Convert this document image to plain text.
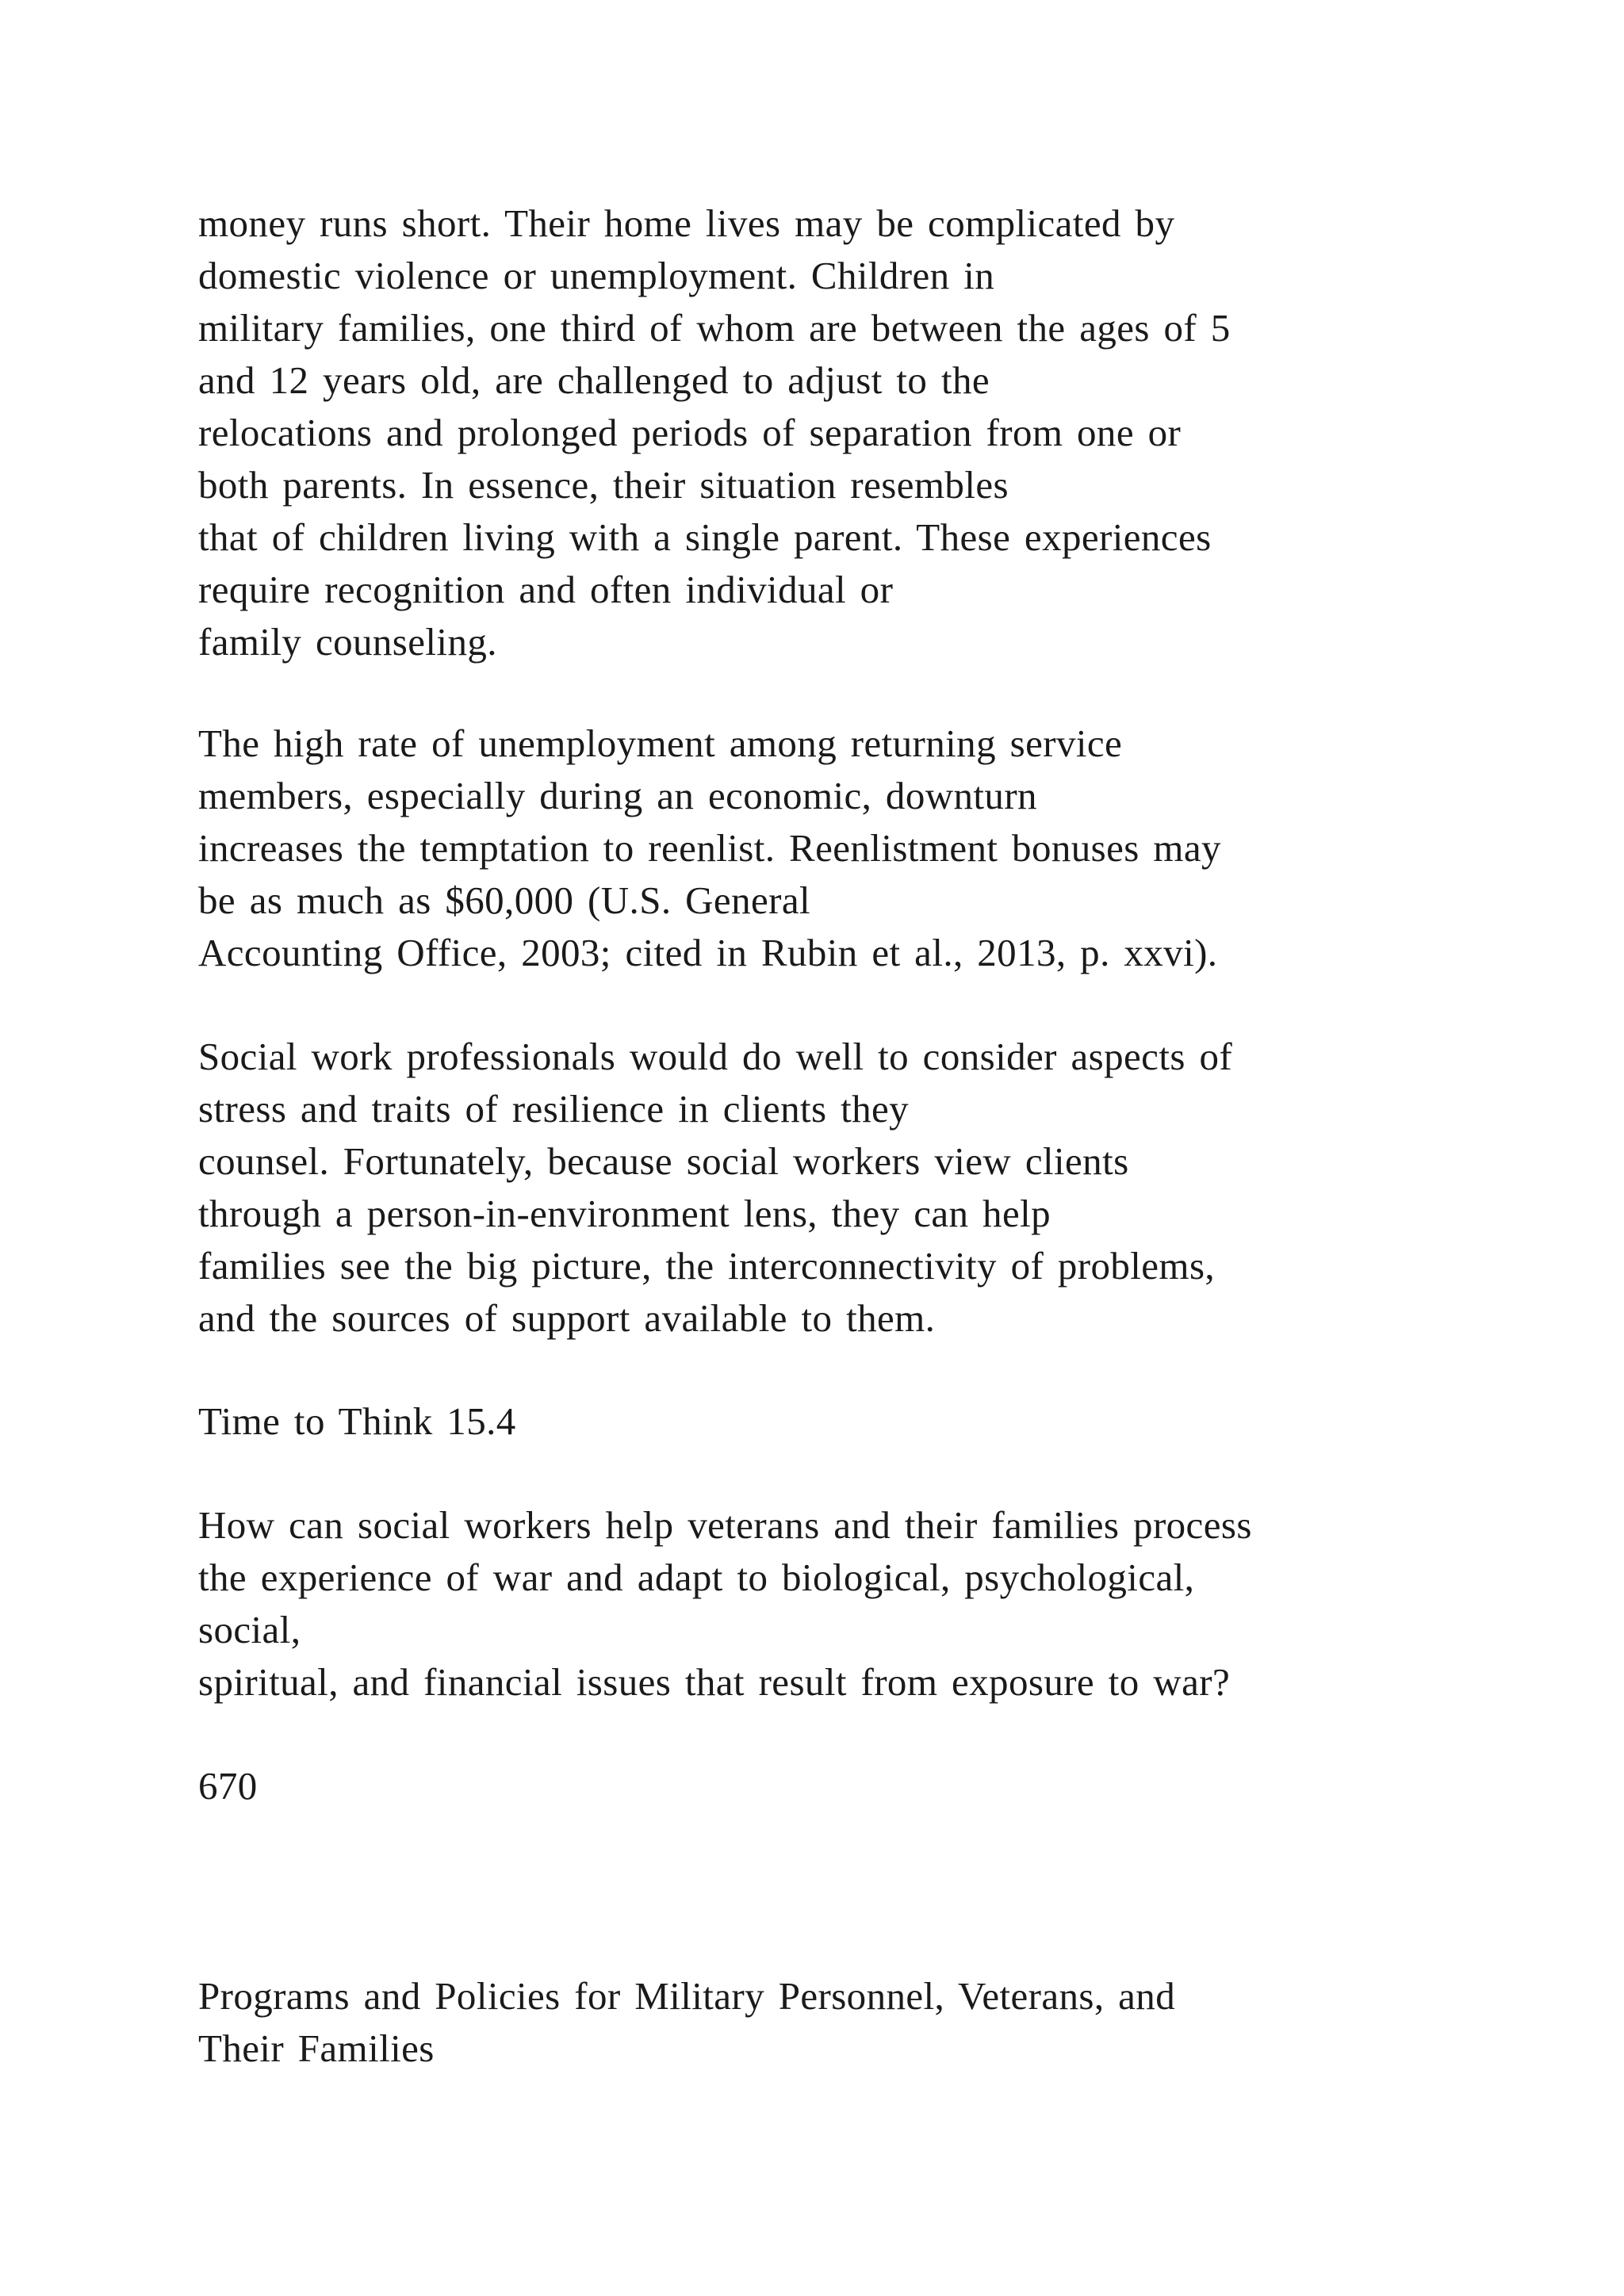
money runs short. Their home lives may be complicated by
domestic violence or unemployment. Children in
military families, one third of whom are between the ages of 5
and 12 years old, are challenged to adjust to the
relocations and prolonged periods of separation from one or
both parents. In essence, their situation resembles
that of children living with a single parent. These experiences
require recognition and often individual or
family counseling.

The high rate of unemployment among returning service
members, especially during an economic, downturn
increases the temptation to reenlist. Reenlistment bonuses may
be as much as $60,000 (U.S. General
Accounting Office, 2003; cited in Rubin et al., 2013, p. xxvi).

Social work professionals would do well to consider aspects of
stress and traits of resilience in clients they
counsel. Fortunately, because social workers view clients
through a person-in-environment lens, they can help
families see the big picture, the interconnectivity of problems,
and the sources of support available to them.

Time to Think 15.4

How can social workers help veterans and their families process
the experience of war and adapt to biological, psychological,
social,
spiritual, and financial issues that result from exposure to war?

670

Programs and Policies for Military Personnel, Veterans, and
Their Families
